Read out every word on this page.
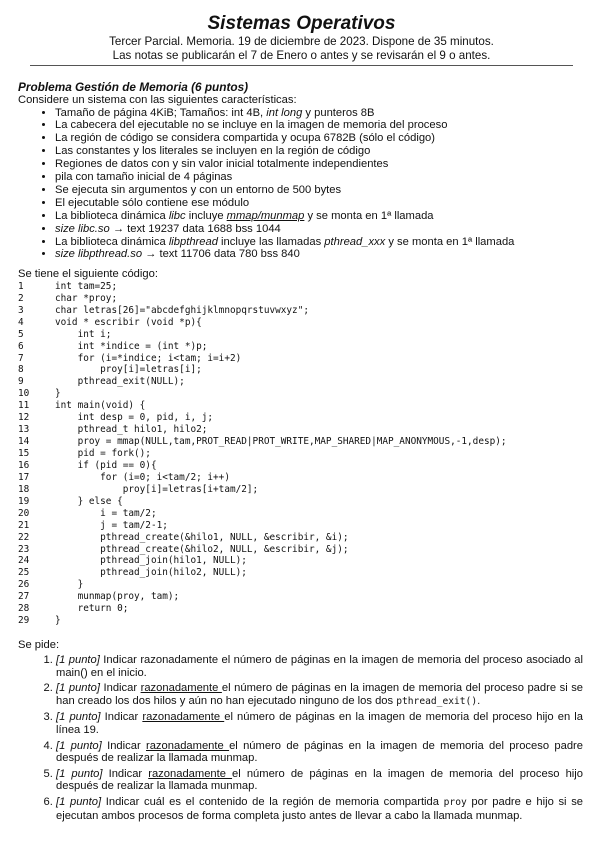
Sistemas Operativos
Tercer Parcial. Memoria. 19 de diciembre de 2023. Dispone de 35 minutos.
Las notas se publicarán el 7 de Enero o antes y se revisarán el 9 o antes.
Problema Gestión de Memoria (6 puntos)
Considere un sistema con las siguientes características:
• Tamaño de página 4KiB; Tamaños: int 4B, int long y punteros 8B
• La cabecera del ejecutable no se incluye en la imagen de memoria del proceso
• La región de código se considera compartida y ocupa 6782B (sólo el código)
• Las constantes y los literales se incluyen en la región de código
• Regiones de datos con y sin valor inicial totalmente independientes
• pila con tamaño inicial de 4 páginas
• Se ejecuta sin argumentos y con un entorno de 500 bytes
• El ejecutable sólo contiene ese módulo
• La biblioteca dinámica libc incluye mmap/munmap y se monta en 1ª llamada
• size libc.so → text 19237 data 1688 bss 1044
• La biblioteca dinámica libpthread incluye las llamadas pthread_xxx y se monta en 1ª llamada
• size libpthread.so → text 11706 data 780 bss 840
Se tiene el siguiente código:
1	int tam=25;
2	char *proy;
3	char letras[26]="abcdefghijklmnopqrstuvwxyz";
4	void * escribir (void *p){
5	int i;
6	int *indice = (int *)p;
7	for (i=*indice; i<tam; i=i+2)
8	proy[i]=letras[i];
9	pthread_exit(NULL);
10	}
11	int main(void) {
12	int desp = 0, pid, i, j;
13	pthread_t hilo1, hilo2;
14	proy = mmap(NULL,tam,PROT_READ|PROT_WRITE,MAP_SHARED|MAP_ANONYMOUS,-1,desp);
15	pid = fork();
16	if (pid == 0){
17	for (i=0; i<tam/2; i++)
18	proy[i]=letras[i+tam/2];
19	} else {
20	i = tam/2;
21	j = tam/2-1;
22	pthread_create(&hilo1, NULL, &escribir, &i);
23	pthread_create(&hilo2, NULL, &escribir, &j);
24	pthread_join(hilo1, NULL);
25	pthread_join(hilo2, NULL);
26	}
27	munmap(proy, tam);
28	return 0;
29	}
Se pide:
1. [1 punto] Indicar razonadamente el número de páginas en la imagen de memoria del proceso asociado al main() en el inicio.
2. [1 punto] Indicar razonadamente el número de páginas en la imagen de memoria del proceso padre si se han creado los dos hilos y aún no han ejecutado ninguno de los dos pthread_exit().
3. [1 punto] Indicar razonadamente el número de páginas en la imagen de memoria del proceso hijo en la línea 19.
4. [1 punto] Indicar razonadamente el número de páginas en la imagen de memoria del proceso padre después de realizar la llamada munmap.
5. [1 punto] Indicar razonadamente el número de páginas en la imagen de memoria del proceso hijo después de realizar la llamada munmap.
6. [1 punto] Indicar cuál es el contenido de la región de memoria compartida proy por padre e hijo si se ejecutan ambos procesos de forma completa justo antes de llevar a cabo la llamada munmap.
